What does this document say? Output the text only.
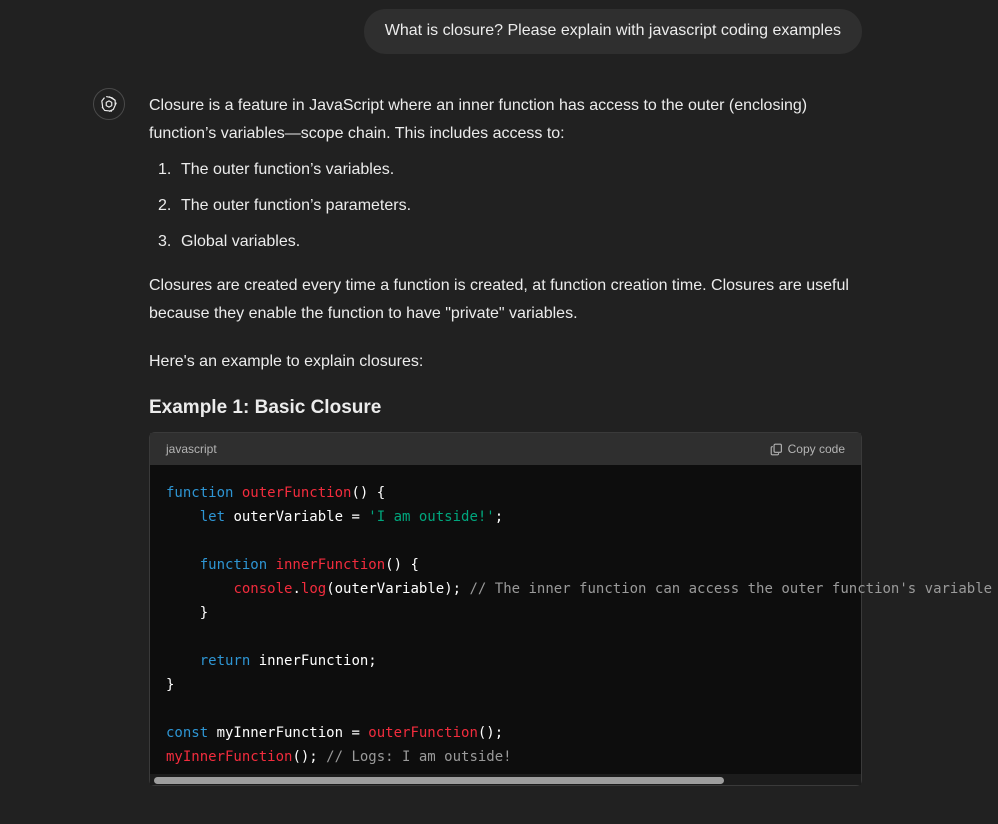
What is closure? Please explain with javascript coding examples

Closure is a feature in JavaScript where an inner function has access to the outer (enclosing) function’s variables—scope chain. This includes access to:

1. The outer function’s variables.
2. The outer function’s parameters.
3. Global variables.

Closures are created every time a function is created, at function creation time. Closures are useful because they enable the function to have "private" variables.

Here's an example to explain closures:

Example 1: Basic Closure
javascript	Copy code
function outerFunction() {
let outerVariable = 'I am outside!';
function innerFunction() {
console.log(outerVariable); // The inner function can access the outer function's variable
}
return innerFunction;
}
const myInnerFunction = outerFunction();
myInnerFunction(); // Logs: I am outside!
